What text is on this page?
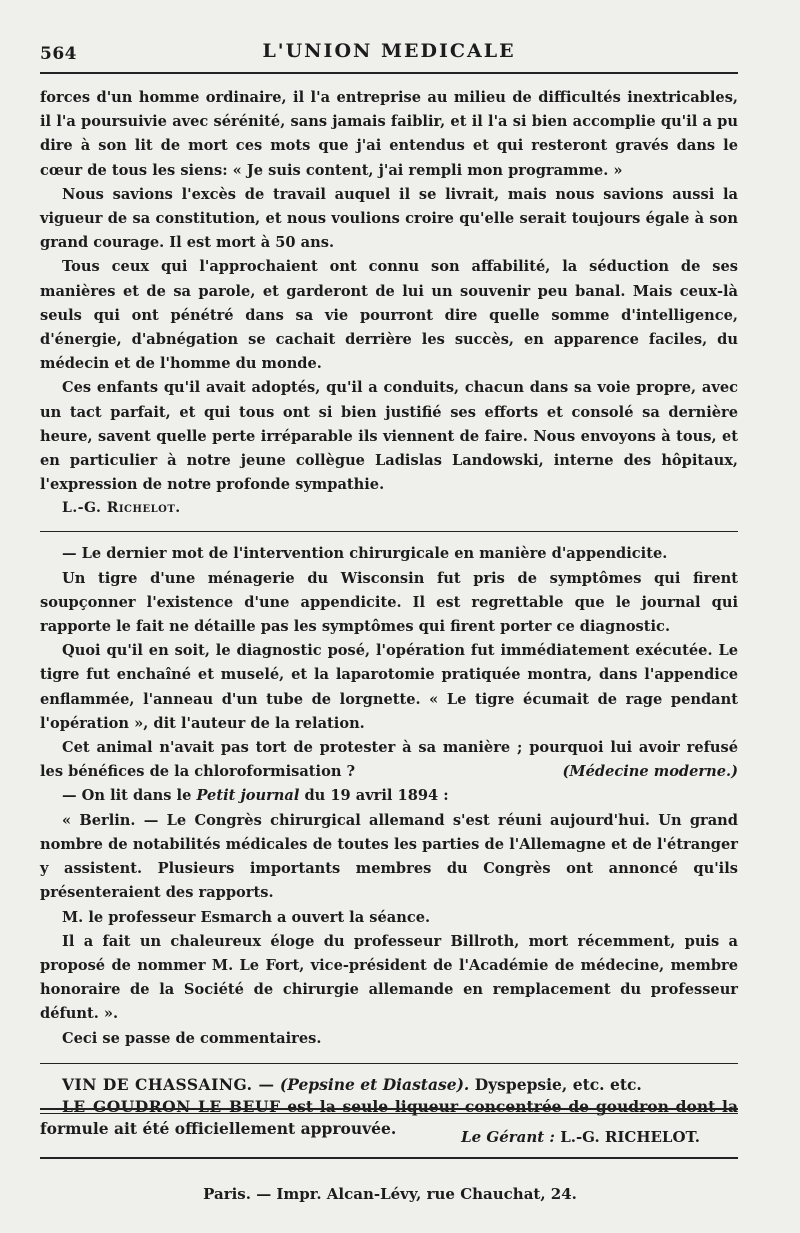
564	L'UNION MEDICALE

forces d'un homme ordinaire, il l'a entreprise au milieu de difficultés inextricables, il l'a poursuivie avec sérénité, sans jamais faiblir, et il l'a si bien accomplie qu'il a pu dire à son lit de mort ces mots que j'ai entendus et qui resteront gravés dans le cœur de tous les siens: « Je suis content, j'ai rempli mon programme. »

Nous savions l'excès de travail auquel il se livrait, mais nous savions aussi la vigueur de sa constitution, et nous voulions croire qu'elle serait toujours égale à son grand courage. Il est mort à 50 ans.

Tous ceux qui l'approchaient ont connu son affabilité, la séduction de ses manières et de sa parole, et garderont de lui un souvenir peu banal. Mais ceux-là seuls qui ont pénétré dans sa vie pourront dire quelle somme d'intelligence, d'énergie, d'abnégation se cachait derrière les succès, en apparence faciles, du médecin et de l'homme du monde.

Ces enfants qu'il avait adoptés, qu'il a conduits, chacun dans sa voie propre, avec un tact parfait, et qui tous ont si bien justifié ses efforts et consolé sa dernière heure, savent quelle perte irréparable ils viennent de faire. Nous envoyons à tous, et en particulier à notre jeune collègue Ladislas Landowski, interne des hôpitaux, l'expression de notre profonde sympathie.

L.-G. Richelot.

— Le dernier mot de l'intervention chirurgicale en manière d'appendicite.

Un tigre d'une ménagerie du Wisconsin fut pris de symptômes qui firent soupçonner l'existence d'une appendicite. Il est regrettable que le journal qui rapporte le fait ne détaille pas les symptômes qui firent porter ce diagnostic.

Quoi qu'il en soit, le diagnostic posé, l'opération fut immédiatement exécutée. Le tigre fut enchaîné et muselé, et la laparotomie pratiquée montra, dans l'appendice enflammée, l'anneau d'un tube de lorgnette. « Le tigre écumait de rage pendant l'opération », dit l'auteur de la relation.

Cet animal n'avait pas tort de protester à sa manière ; pourquoi lui avoir refusé les bénéfices de la chloroformisation ?	(Médecine moderne.)

— On lit dans le Petit journal du 19 avril 1894 :

« Berlin. — Le Congrès chirurgical allemand s'est réuni aujourd'hui. Un grand nombre de notabilités médicales de toutes les parties de l'Allemagne et de l'étranger y assistent. Plusieurs importants membres du Congrès ont annoncé qu'ils présenteraient des rapports.

M. le professeur Esmarch a ouvert la séance.

Il a fait un chaleureux éloge du professeur Billroth, mort récemment, puis a proposé de nommer M. Le Fort, vice-président de l'Académie de médecine, membre honoraire de la Société de chirurgie allemande en remplacement du professeur défunt. ».

Ceci se passe de commentaires.

VIN DE CHASSAING. — (Pepsine et Diastase). Dyspepsie, etc. etc.

LE GOUDRON LE BEUF est la seule liqueur concentrée de goudron dont la formule ait été officiellement approuvée.	Le Gérant : L.-G. RICHELOT.
Paris. — Impr. Alcan-Lévy, rue Chauchat, 24.
